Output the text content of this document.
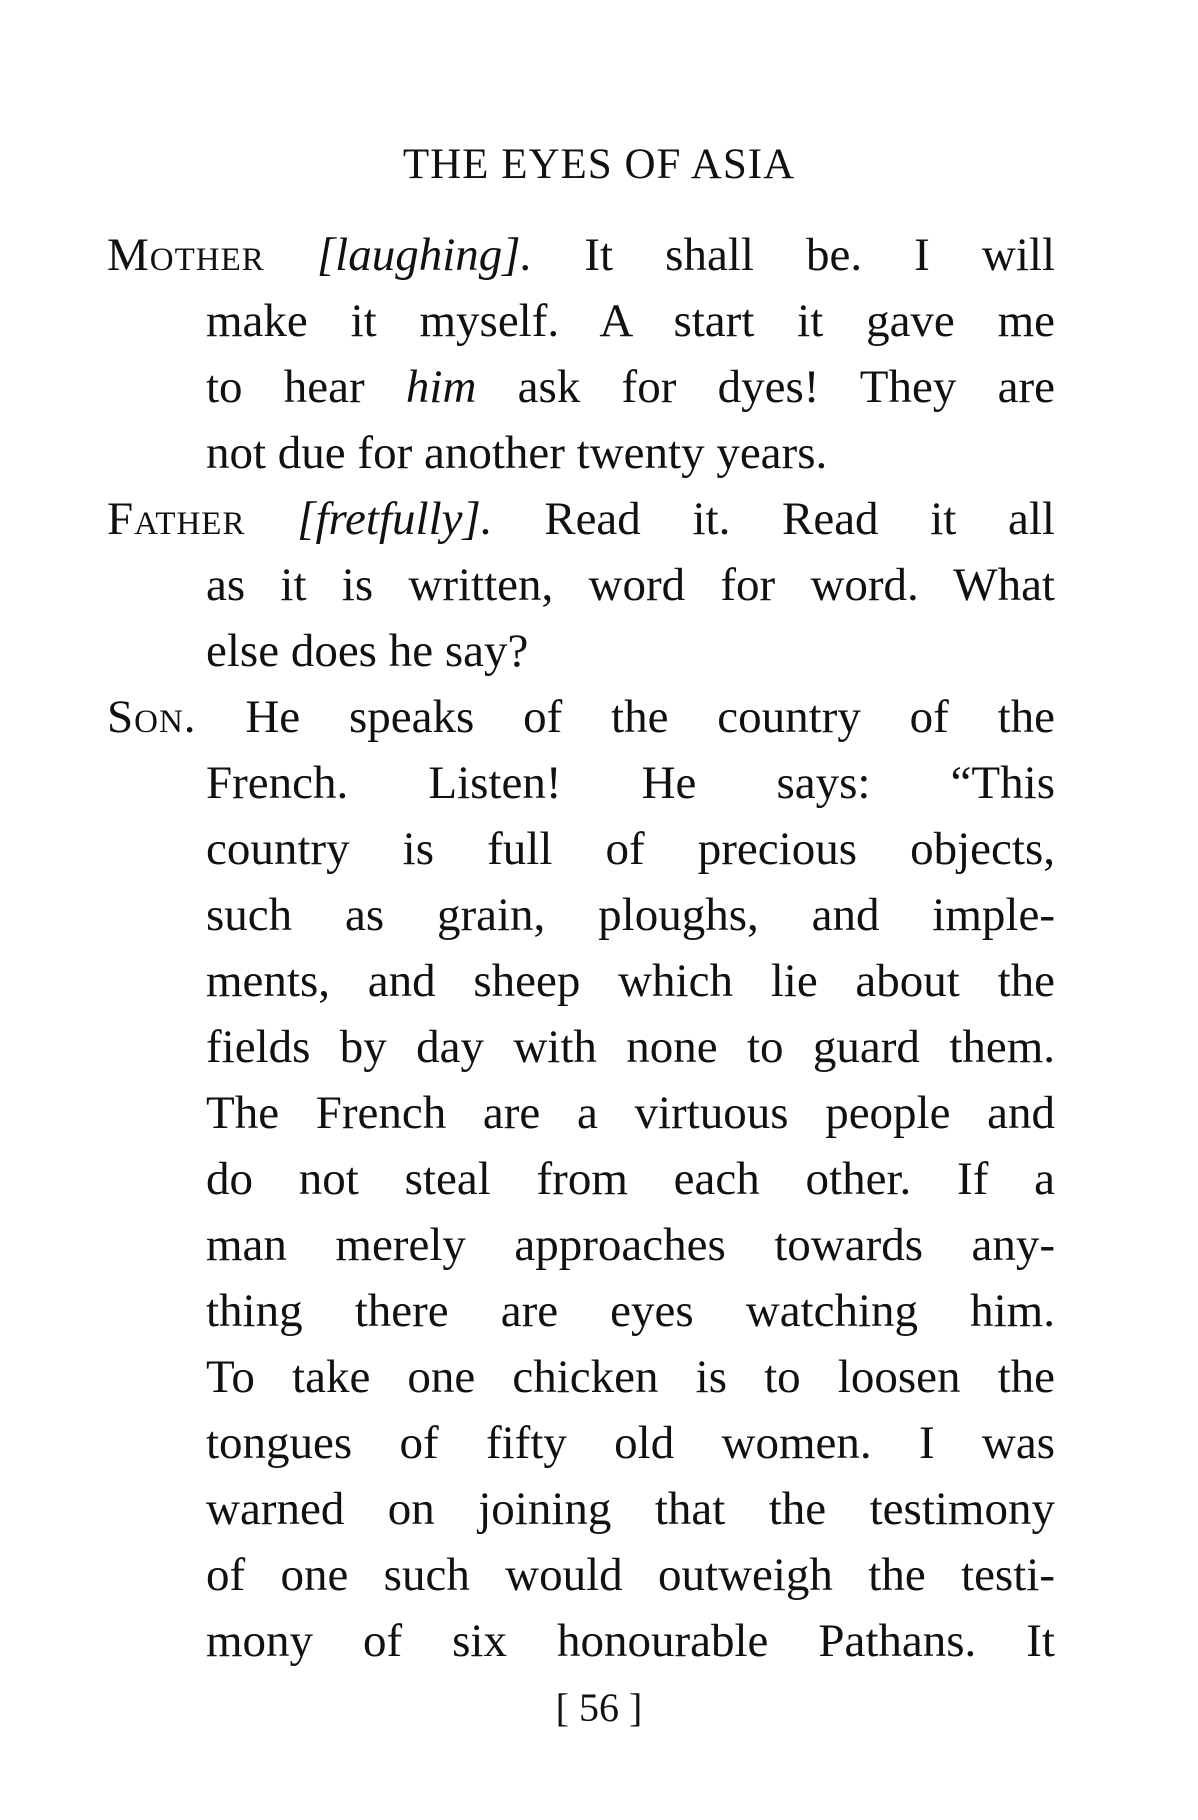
THE EYES OF ASIA
Mother [laughing]. It shall be. I will
make it myself. A start it gave me
to hear him ask for dyes! They are
not due for another twenty years.
Father [fretfully]. Read it. Read it all
as it is written, word for word. What
else does he say?
Son. He speaks of the country of the
French. Listen! He says: “This
country is full of precious objects,
such as grain, ploughs, and imple-
ments, and sheep which lie about the
fields by day with none to guard them.
The French are a virtuous people and
do not steal from each other. If a
man merely approaches towards any-
thing there are eyes watching him.
To take one chicken is to loosen the
tongues of fifty old women. I was
warned on joining that the testimony
of one such would outweigh the testi-
mony of six honourable Pathans. It
[ 56 ]
